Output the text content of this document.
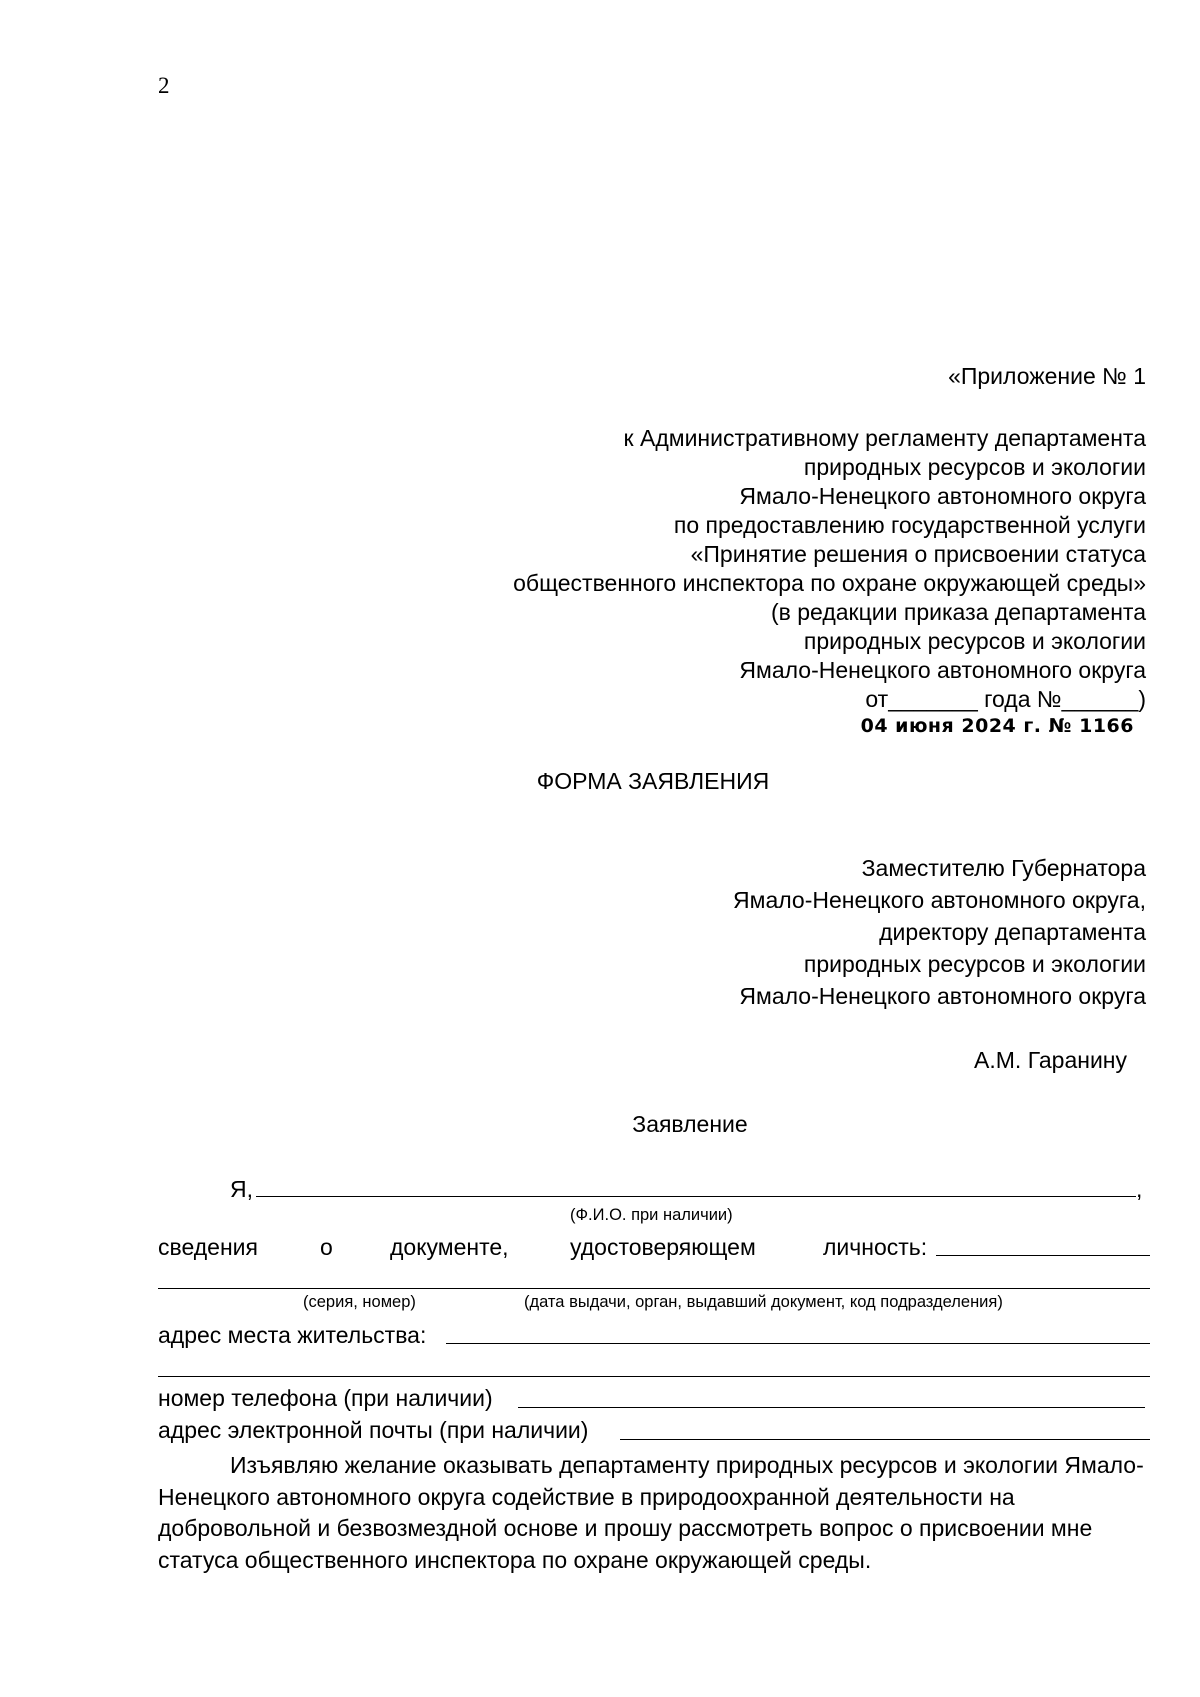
2
«Приложение № 1
к Административному регламенту департамента
природных ресурсов и экологии
Ямало-Ненецкого автономного округа
по предоставлению государственной услуги
«Принятие решения о присвоении статуса
общественного инспектора по охране окружающей среды»
(в редакции приказа департамента
природных ресурсов и экологии
Ямало-Ненецкого автономного округа
от_______ года №______)
04 июня 2024 г. № 1166
ФОРМА ЗАЯВЛЕНИЯ
Заместителю Губернатора
Ямало-Ненецкого автономного округа,
директору департамента
природных ресурсов и экологии
Ямало-Ненецкого автономного округа
А.М. Гаранину
Заявление
Я,	,
(Ф.И.О. при наличии)
сведения	о документе,	удостоверяющем	личность:
(серия, номер)	(дата выдачи, орган, выдавший документ, код подразделения)
адрес места жительства:
номер телефона (при наличии)
адрес электронной почты (при наличии)
Изъявляю желание оказывать департаменту природных ресурсов и экологии Ямало-Ненецкого автономного округа содействие в природоохранной деятельности на добровольной и безвозмездной основе и прошу рассмотреть вопрос о присвоении мне статуса общественного инспектора по охране окружающей среды.
